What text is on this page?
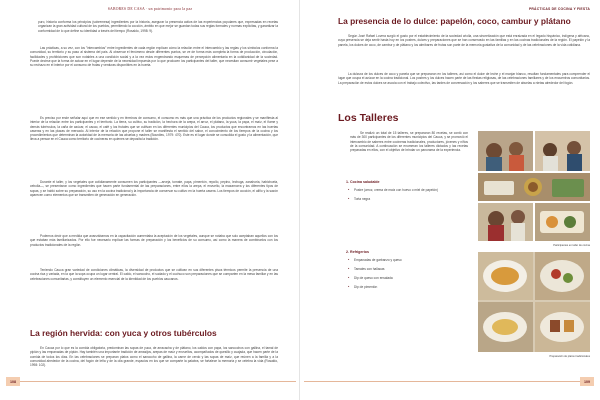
SABORES DE CASA · un patrimonio para la paz

puro, historia conforma los principios (sobremesa) ingredientes por la historia, asegurar la presencia activa de las experiencias populares que, expresadas en recetas organizan la gran actividad cultural de los pueblos, permitiendo la cocción, ámbito en que mejor se guardan todas sus reglas formales y normas explícitas, y garantizar la conformidad de lo que define su identidad a través del tiempo (Rosaldo, 1998: 9).

Las prácticas, a su vez, con los "intercambios" entre ingredientes de cada región explican cómo la relación entre el intercambio y las reglas y los símbolos conforma la comunidad, su territorio y su paso al sistema del país. Al observar el fenómeno desde diferentes puntos, se ve de forma más completa la forma de producción, circulación, facilidades y prohibiciones que son notables a una condición social y a la vez estos engendrando esquemas de percepción alimentaria en la cotidianidad de la sociedad. Puede decirse que la forma de actuar en el lugar depende de la necesidad impuesta por lo que producen los participantes del taller, que necesitan consumir vegetales pese a su rechazo en el interior por el consumo de frutas y verduras disponibles en la huerta.

Es preciso por ende señalar aquí que en ese sentido y en términos de consumo, el consumo es más que una práctica de los productos regionales y se manifiesta al interior de la relación entre los participantes y el territorio. La tierra, su cultivo, su tradición, la hechura de la arepa, el arroz, el plátano, la yuca, la papa, el maíz, el ñame y demás tubérculos, la caña de azúcar, el cacao, el café y los frutales que se cultivan en los diferentes municipios del Cauca, los productos que encontramos en las huertas caseras y en las plazas de mercado. Al interior de la relación que propone el taller se manifiesta el sentido del sabor, el conocimiento de los tiempos de la cocina y los procedimientos que determinan la autoridad de la memoria de las abuelas y madres (Bourdieu, 1979: 470). Este es el lugar donde se consolida el gusto y la alimentación, que lleva a pensar en el Cauca como territorio de cocineras en quienes se deposita la tradición.

Durante el taller, y los vegetales que cotidianamente consumen los participantes —arveja, tomate, papa, pimentón, repollo, pepino, lechuga, zanahoria, habichuela, cebolla—, se presentaron como ingredientes que hacen parte fundamental de las preparaciones, entre ellos la arepa, el envuelto, la mazamorra y los diferentes tipos de sopas, y se habló sobre su preparación, su uso en la cocina tradicional y la importancia de conservar su cultivo en la huerta casera. Los tiempos de cocción, el aliño y la sazón aparecen como elementos que se transmiten de generación en generación.

Podemos decir que a medida que avanzábamos en la capacitación aumentaba la aceptación de los vegetales, aunque se notaba que solo aceptaban aquellos con los que estaban más familiarizados. Por ello fue necesario explicar las formas de preparación y los beneficios de su consumo, así como la manera de combinarlos con los productos tradicionales de la región.

Teniendo Cauca gran variedad de condiciones climáticas, la diversidad de productos que se cultivan en sus diferentes pisos térmicos permite la presencia de una cocina rica y variada, en la que la sopa ocupa un lugar central. El caldo, el sancocho, el sudado y el cuchuco son preparaciones que se comparten en la mesa familiar y en las celebraciones comunitarias, y constituyen un elemento esencial de la identidad de los pueblos caucanos.

La región hervida: con yuca y otros tubérculos

En Cauca por lo que es la comida obligatoria, predominan las sopas de yuca, de arracacha y de plátano, los caldos con papa, los sancochos con gallina, el tamal de pipián y las empanadas de pipián. Hay también una importante tradición de amasijos, arepas de maíz y envueltos, acompañados de quesillo y cuajada, que hacen parte de la comida de todos los días. En las celebraciones se preparan platos como el sancocho de gallina, la carne de cerdo y las sopas de maíz, que reúnen a la familia y a la comunidad alrededor de la cocina, del fogón de leña y de la olla grande, espacios en los que se comparte la palabra, se fortalece la memoria y se celebra la vida (Rosaldo, 1998: 102).

108
PRÁCTICAS DE COCINA Y FIESTA
La presencia de lo dulce: papelón, coco, cambur y plátano

Según José Rafael Lovera surgió el gusto por el establecimiento de la sociedad criolla, una sincretización que está enraizada en el legado hispánico, indígena y africano, cuya presencia se deja sentir hasta hoy en los postres, dulces y preparaciones que se han conservado en las familias y en las cocinas tradicionales de la región. El papelón y la panela, los dulces de coco, de cambur y de plátano y los almíbares de frutas son parte de la memoria gustativa de la comunidad y de las celebraciones de la vida cotidiana.

La dulzura de los dulces de coco y panela que se prepararon en los talleres, así como el dulce de leche y el manjar blanco, resultan fundamentales para comprender el lugar que ocupa el azúcar en la cocina tradicional. Los postres y los dulces hacen parte de las fiestas religiosas, de las celebraciones familiares y de los encuentros comunitarios. La preparación de estos dulces se asocia con el trabajo colectivo, las tardes de conversación y los saberes que se transmiten de abuelas a nietas alrededor del fogón.

Los Talleres

Se realizó un total de 15 talleres, se prepararon 80 recetas, se contó con más de 300 participantes de los diferentes municipios del Cauca, y se promovió el intercambio de saberes entre cocineras tradicionales, productores, jóvenes y niños de la comunidad. A continuación se enumeran los talleres dictados y las recetas preparadas en ellos, con el objetivo de brindar un panorama de la experiencia.

1. Cocina saludable
● Postre (arroz, crema de maíz con huevo o miel de papelón)
● Torta negra
2. Refrigerios
● Empanadas de garbanzo y queso
● Tamales con hallacas
● Dip de queso con ensalada
● Dip de pimentón
Participantes en taller de cocina
Preparación de platos tradicionales
109
